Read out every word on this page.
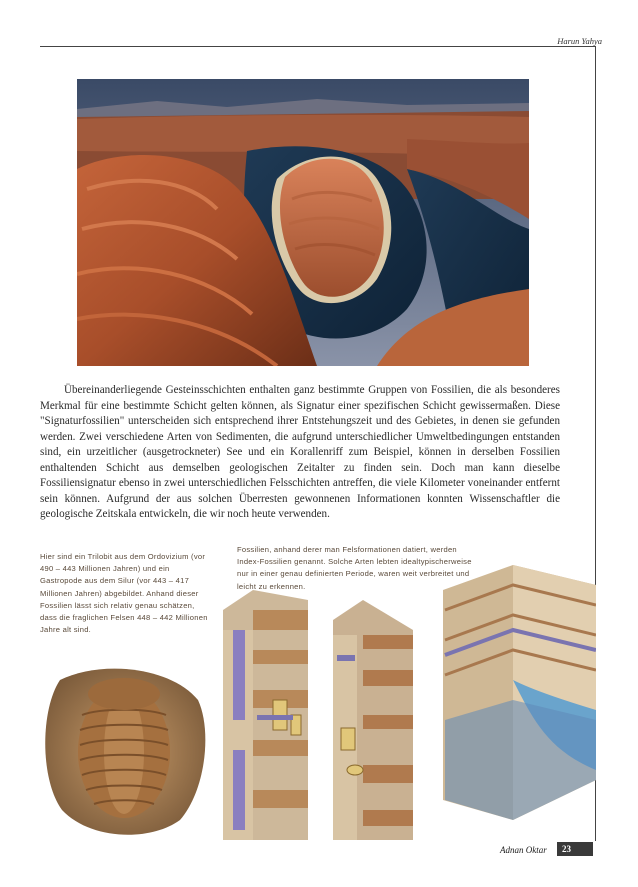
Harun Yahya

Übereinanderliegende Gesteinsschichten enthalten ganz bestimmte Gruppen von Fossilien, die als besonderes Merkmal für eine bestimmte Schicht gelten können, als Signatur einer spezifischen Schicht gewissermaßen. Diese "Signaturfossilien" unterscheiden sich entsprechend ihrer Entstehungszeit und des Gebietes, in denen sie gefunden werden. Zwei verschiedene Arten von Sedimenten, die aufgrund unterschiedlicher Umweltbedingungen entstanden sind, ein urzeitlicher (ausgetrockneter) See und ein Korallenriff zum Beispiel, können in derselben Fossilien enthaltenden Schicht aus demselben geologischen Zeitalter zu finden sein. Doch man kann dieselbe Fossiliensignatur ebenso in zwei unterschiedlichen Felsschichten antreffen, die viele Kilometer voneinander entfernt sein können. Aufgrund der aus solchen Überresten gewonnenen Informationen konnten Wissenschaftler die geologische Zeitskala entwickeln, die wir noch heute verwenden.

Hier sind ein Trilobit aus dem Ordovizium (vor 490 – 443 Millionen Jahren) und ein Gastropode aus dem Silur (vor 443 – 417 Millionen Jahren) abgebildet. Anhand dieser Fossilien lässt sich relativ genau schätzen, dass die fraglichen Felsen 448 – 442 Millionen Jahre alt sind.
Fossilien, anhand derer man Felsformationen datiert, werden Index-Fossilien genannt. Solche Arten lebten idealtypischerweise nur in einer genau definierten Periode, waren weit verbreitet und leicht zu erkennen.
Adnan Oktar	23
